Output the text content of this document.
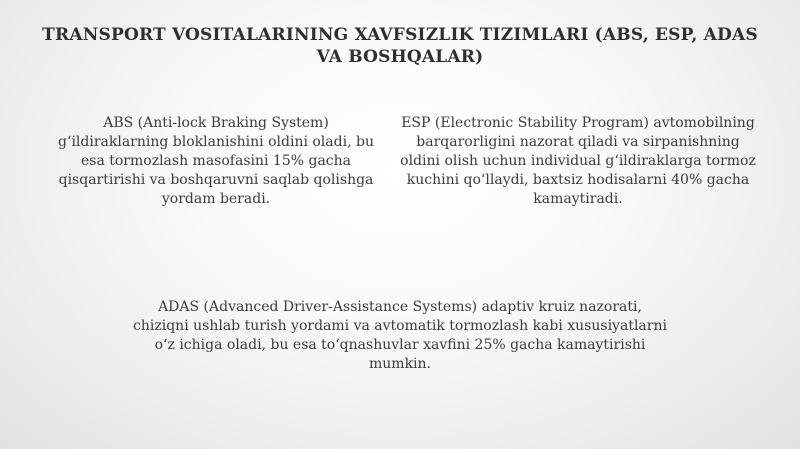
TRANSPORT VOSITALARINING XAVFSIZLIK TIZIMLARI (ABS, ESP, ADAS VA BOSHQALAR)
ABS (Anti-lock Braking System) g‘ildiraklarning bloklanishini oldini oladi, bu esa tormozlash masofasini 15% gacha qisqartirishi va boshqaruvni saqlab qolishga yordam beradi.
ESP (Electronic Stability Program) avtomobilning barqarorligini nazorat qiladi va sirpanishning oldini olish uchun individual g‘ildiraklarga tormoz kuchini qo‘llaydi, baxtsiz hodisalarni 40% gacha kamaytiradi.
ADAS (Advanced Driver-Assistance Systems) adaptiv kruiz nazorati, chiziqni ushlab turish yordami va avtomatik tormozlash kabi xususiyatlarni o‘z ichiga oladi, bu esa to‘qnashuvlar xavfini 25% gacha kamaytirishi mumkin.
